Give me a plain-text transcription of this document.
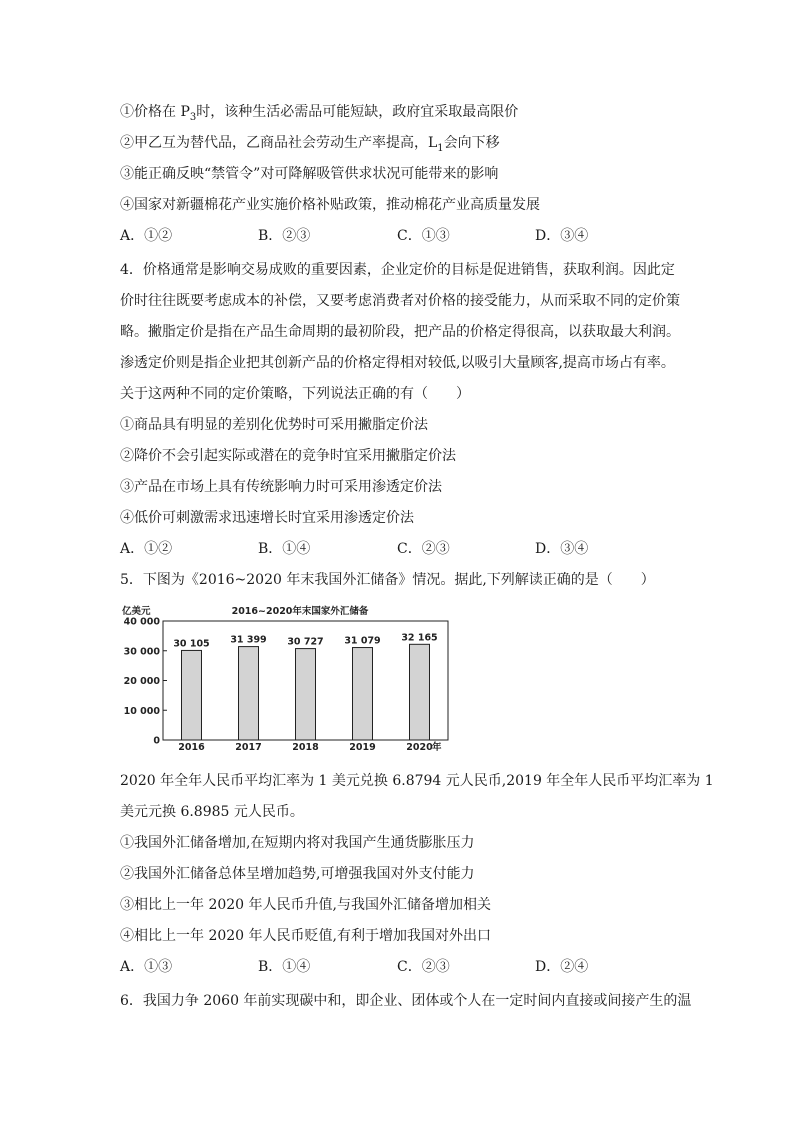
①价格在 $P_3$时，该种生活必需品可能短缺，政府宜采取最高限价
②甲乙互为替代品，乙商品社会劳动生产率提高，$L_1$会向下移
③能正确反映“禁管令”对可降解吸管供求状况可能带来的影响
④国家对新疆棉花产业实施价格补贴政策，推动棉花产业高质量发展
A．①②	B．②③	C．①③	D．③④
4．价格通常是影响交易成败的重要因素，企业定价的目标是促进销售，获取利润。因此定
价时往往既要考虑成本的补偿，又要考虑消费者对价格的接受能力，从而采取不同的定价策
略。撇脂定价是指在产品生命周期的最初阶段，把产品的价格定得很高，以获取最大利润。
渗透定价则是指企业把其创新产品的价格定得相对较低,以吸引大量顾客,提高市场占有率。
关于这两种不同的定价策略，下列说法正确的有（　　）
①商品具有明显的差别化优势时可采用撇脂定价法
②降价不会引起实际或潜在的竞争时宜采用撇脂定价法
③产品在市场上具有传统影响力时可采用渗透定价法
④低价可刺激需求迅速增长时宜采用渗透定价法
A．①②	B．①④	C．②③	D．③④
5．下图为《2016~2020 年末我国外汇储备》情况。据此,下列解读正确的是（　　）
亿美元	2016~2020年末国家外汇储备
0
10 000
20 000
30 000
40 000
30 105 31 399 30 727 31 079 32 165
2016	2017	2018	2019	2020 年
2020 年全年人民币平均汇率为 1 美元兑换 6.8794 元人民币,2019 年全年人民币平均汇率为 1
美元元换 6.8985 元人民币。
①我国外汇储备增加,在短期内将对我国产生通货膨胀压力
②我国外汇储备总体呈增加趋势,可增强我国对外支付能力
③相比上一年 2020 年人民币升值,与我国外汇储备增加相关
④相比上一年 2020 年人民币贬值,有利于增加我国对外出口
A．①③	B．①④	C．②③	D．②④
6．我国力争 2060 年前实现碳中和，即企业、团体或个人在一定时间内直接或间接产生的温
